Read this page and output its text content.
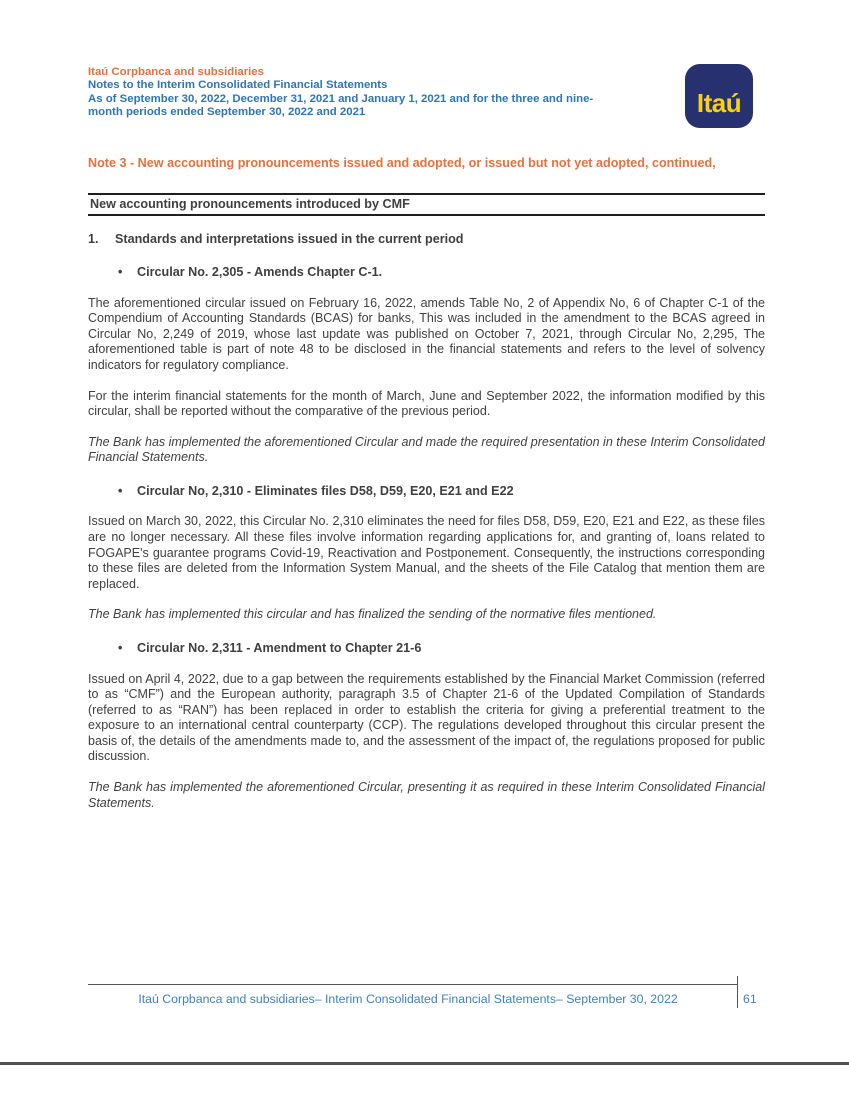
Itaú Corpbanca and subsidiaries
Notes to the Interim Consolidated Financial Statements
As of September 30, 2022, December 31, 2021 and January 1, 2021 and for the three and nine-
month periods ended September 30, 2022 and 2021	Itaú
Note 3 - New accounting pronouncements issued and adopted, or issued but not yet adopted, continued,
New accounting pronouncements introduced by CMF
1.	Standards and interpretations issued in the current period
•	Circular No. 2,305 - Amends Chapter C-1.

The aforementioned circular issued on February 16, 2022, amends Table No, 2 of Appendix No, 6 of Chapter C-1 of the Compendium of Accounting Standards (BCAS) for banks, This was included in the amendment to the BCAS agreed in Circular No, 2,249 of 2019, whose last update was published on October 7, 2021, through Circular No, 2,295, The aforementioned table is part of note 48 to be disclosed in the financial statements and refers to the level of solvency indicators for regulatory compliance.

For the interim financial statements for the month of March, June and September 2022, the information modified by this circular, shall be reported without the comparative of the previous period.

The Bank has implemented the aforementioned Circular and made the required presentation in these Interim Consolidated Financial Statements.

•	Circular No, 2,310 - Eliminates files D58, D59, E20, E21 and E22

Issued on March 30, 2022, this Circular No. 2,310 eliminates the need for files D58, D59, E20, E21 and E22, as these files are no longer necessary. All these files involve information regarding applications for, and granting of, loans related to FOGAPE's guarantee programs Covid-19, Reactivation and Postponement. Consequently, the instructions corresponding to these files are deleted from the Information System Manual, and the sheets of the File Catalog that mention them are replaced.

The Bank has implemented this circular and has finalized the sending of the normative files mentioned.

•	Circular No. 2,311 - Amendment to Chapter 21-6

Issued on April 4, 2022, due to a gap between the requirements established by the Financial Market Commission (referred to as “CMF”) and the European authority, paragraph 3.5 of Chapter 21-6 of the Updated Compilation of Standards (referred to as “RAN”) has been replaced in order to establish the criteria for giving a preferential treatment to the exposure to an international central counterparty (CCP). The regulations developed throughout this circular present the basis of, the details of the amendments made to, and the assessment of the impact of, the regulations proposed for public discussion.

The Bank has implemented the aforementioned Circular, presenting it as required in these Interim Consolidated Financial Statements.

Itaú Corpbanca and subsidiaries– Interim Consolidated Financial Statements– September 30, 2022	61
